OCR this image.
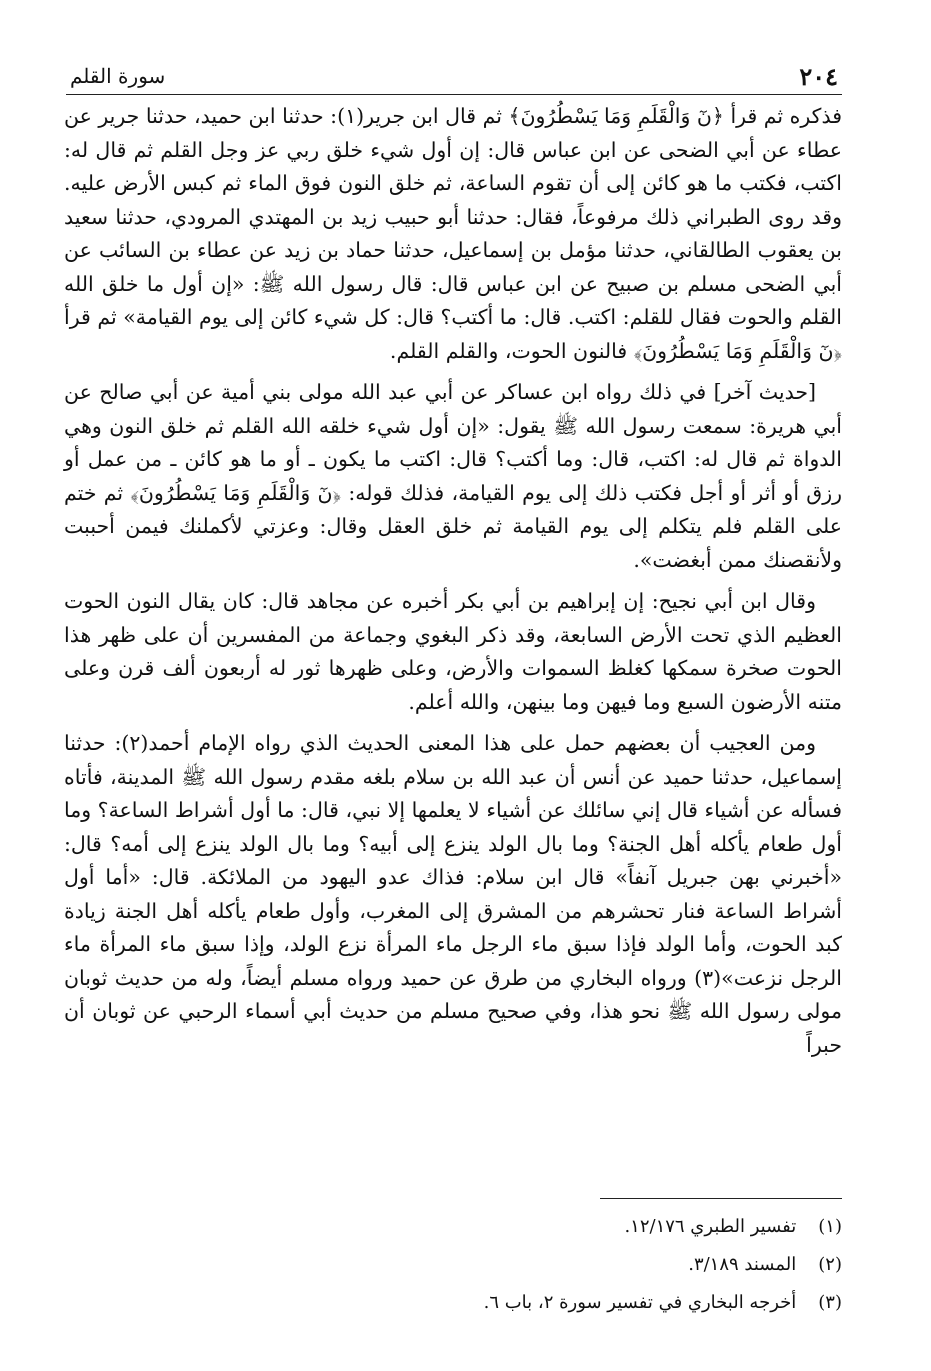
٢٠٤
سورة القلم

فذكره ثم قرأ ﴿نٓ وَالْقَلَمِ وَمَا يَسْطُرُونَ﴾ ثم قال ابن جرير(١): حدثنا ابن حميد، حدثنا جرير عن عطاء عن أبي الضحى عن ابن عباس قال: إن أول شيء خلق ربي عز وجل القلم ثم قال له: اكتب، فكتب ما هو كائن إلى أن تقوم الساعة، ثم خلق النون فوق الماء ثم كبس الأرض عليه. وقد روى الطبراني ذلك مرفوعاً، فقال: حدثنا أبو حبيب زيد بن المهتدي المرودي، حدثنا سعيد بن يعقوب الطالقاني، حدثنا مؤمل بن إسماعيل، حدثنا حماد بن زيد عن عطاء بن السائب عن أبي الضحى مسلم بن صبيح عن ابن عباس قال: قال رسول الله ﷺ: «إن أول ما خلق الله القلم والحوت فقال للقلم: اكتب. قال: ما أكتب؟ قال: كل شيء كائن إلى يوم القيامة» ثم قرأ ﴿نٓ وَالْقَلَمِ وَمَا يَسْطُرُونَ﴾ فالنون الحوت، والقلم القلم.

[حديث آخر] في ذلك رواه ابن عساكر عن أبي عبد الله مولى بني أمية عن أبي صالح عن أبي هريرة: سمعت رسول الله ﷺ يقول: «إن أول شيء خلقه الله القلم ثم خلق النون وهي الدواة ثم قال له: اكتب، قال: وما أكتب؟ قال: اكتب ما يكون ـ أو ما هو كائن ـ من عمل أو رزق أو أثر أو أجل فكتب ذلك إلى يوم القيامة، فذلك قوله: ﴿نٓ وَالْقَلَمِ وَمَا يَسْطُرُونَ﴾ ثم ختم على القلم فلم يتكلم إلى يوم القيامة ثم خلق العقل وقال: وعزتي لأكملنك فيمن أحببت ولأنقصنك ممن أبغضت».

وقال ابن أبي نجيح: إن إبراهيم بن أبي بكر أخبره عن مجاهد قال: كان يقال النون الحوت العظيم الذي تحت الأرض السابعة، وقد ذكر البغوي وجماعة من المفسرين أن على ظهر هذا الحوت صخرة سمكها كغلظ السموات والأرض، وعلى ظهرها ثور له أربعون ألف قرن وعلى متنه الأرضون السبع وما فيهن وما بينهن، والله أعلم.

ومن العجيب أن بعضهم حمل على هذا المعنى الحديث الذي رواه الإمام أحمد(٢): حدثنا إسماعيل، حدثنا حميد عن أنس أن عبد الله بن سلام بلغه مقدم رسول الله ﷺ المدينة، فأتاه فسأله عن أشياء قال إني سائلك عن أشياء لا يعلمها إلا نبي، قال: ما أول أشراط الساعة؟ وما أول طعام يأكله أهل الجنة؟ وما بال الولد ينزع إلى أبيه؟ وما بال الولد ينزع إلى أمه؟ قال: «أخبرني بهن جبريل آنفاً» قال ابن سلام: فذاك عدو اليهود من الملائكة. قال: «أما أول أشراط الساعة فنار تحشرهم من المشرق إلى المغرب، وأول طعام يأكله أهل الجنة زيادة كبد الحوت، وأما الولد فإذا سبق ماء الرجل ماء المرأة نزع الولد، وإذا سبق ماء المرأة ماء الرجل نزعت»(٣) ورواه البخاري من طرق عن حميد ورواه مسلم أيضاً، وله من حديث ثوبان مولى رسول الله ﷺ نحو هذا، وفي صحيح مسلم من حديث أبي أسماء الرحبي عن ثوبان أن حبراً

(١) تفسير الطبري ١٢/١٧٦.
(٢) المسند ٣/١٨٩.
(٣) أخرجه البخاري في تفسير سورة ٢، باب ٦.
